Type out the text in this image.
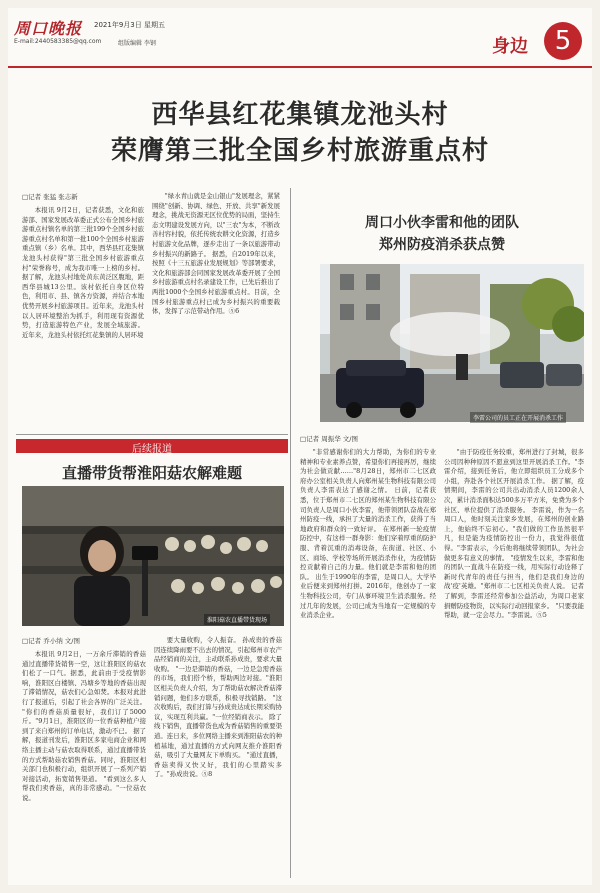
周口晚报 2021年9月3日 星期五
E-mail:2440583385@qq.com	组版编辑 李钢	身边	5
西华县红花集镇龙池头村
荣膺第三批全国乡村旅游重点村
□记者 张猛 张志新

本报讯 9月2日，记者获悉，文化和旅游部、国家发展改革委正式公布全国乡村旅游重点村镇名单的第三批199个全国乡村旅游重点村名单和第一批100个全国乡村旅游重点镇（乡）名单。其中，西华县红花集镇龙池头村获得"第三批全国乡村旅游重点村"荣誉称号，成为我市唯一上榜的乡村。 据了解，龙池头村地处黄东黄泛区腹地，距西华县城13公里。该村依托自身区位特色，利用市、县、镇各方资源，并结合本地优势开展乡村旅游项目。近年来，龙池头村以人居环境整治为抓手，利用现有资源优势，打造旅游特色产业，发展全域旅游。 近年来，龙池头村依托红花集镇的人居环境

"绿水青山就是金山银山"发展理念，紧紧围绕"创新、协调、绿色、开放、共享"新发展理念，挑战无资源无区位优势的局面，坚持生态文明建设发展方向，以"三农"为本，不断改善村容村貌，依托传统农耕文化资源，打造乡村旅游文化品牌，逐步走出了一条以旅游带动乡村振兴的新路子。 据悉，自2019年以来，按照《十三五旅游业发展规划》等部署要求，文化和旅游部会同国家发展改革委开展了全国乡村旅游重点村名录建设工作，已先后推出了两批1000个全国乡村旅游重点村。目前，全国乡村旅游重点村已成为乡村振兴的重要载体，发挥了示范带动作用。⑤6

周口小伙李雷和他的团队
郑州防疫消杀获点赞
李雷公司的员工正在开展消杀工作
□记者 周振华 文/图

"非常感谢你们的大力帮助，为你们的专业精神和专业素养点赞，希望你们再接再厉，继续为社会做贡献……"8月28日，郑州市二七区政府办公室相关负责人向郑州某生物科技有限公司负责人李雷表达了感谢之情。 日前，记者获悉，位于郑州市二七区的郑州某生物科技有限公司负责人是周口小伙李雷，他带领团队奋战在郑州防疫一线，承担了大量的消杀工作，获得了当地政府和群众的一致好评。 在郑州新一轮疫情防控中，有这样一群身影：他们穿着厚重的防护服、背着沉重的消毒设备，在街道、社区、小区、商场、学校等场所开展消杀作业，为疫情防控贡献着自己的力量。他们就是李雷和他的团队。 出生于1990年的李雷，是周口人，大学毕业后便来到郑州打拼。2016年，他创办了一家生物科技公司，专门从事环境卫生消杀服务。经过几年的发展，公司已成为当地有一定规模的专业消杀企业。

"由于防疫任务较重，郑州进行了封城，很多公司因种种原因不愿意到这里开展消杀工作。"李雷介绍，接到任务后，他立即组织员工分成多个小组，奔赴各个社区开展消杀工作。 据了解，疫情期间，李雷的公司共出动消杀人员1200余人次，累计消杀面积达500多万平方米，免费为多个社区、单位提供了消杀服务。 李雷说，作为一名周口人，他时刻关注家乡发展，在郑州的创业路上，他始终不忘初心。"我们做的工作虽然很平凡，但是能为疫情防控出一份力，我觉得很值得。"李雷表示，今后他将继续带领团队，为社会做更多有意义的事情。 "疫情发生以来，李雷和他的团队一直战斗在防疫一线，用实际行动诠释了新时代青年的责任与担当，他们是我们身边的战'疫'英雄。"郑州市二七区相关负责人说。 记者了解到，李雷还经常参加公益活动，为周口老家捐赠防疫物资，以实际行动回报家乡。 "只要我能帮助，就一定会尽力。"李雷说。⑤5

后续报道
直播带货帮淮阳菇农解难题
淮阳菇农直播带货现场
□记者 乔小纳 文/图

本报讯 9月2日，一万余斤滞销的香菇通过直播带货销售一空，这让淮阳区的菇农们松了一口气。据悉，此前由于受疫情影响，淮阳区白楼镇、冯塘乡等地的香菇出现了滞销情况，菇农们心急如焚。本报对此进行了报道后，引起了社会各界的广泛关注。 "你们的香菇质量很好，我们订了5000斤。"9月1日，淮阳区的一位香菇种植户接到了来自郑州的订单电话，激动不已。 据了解，报道刊发后，淮阳区多家电商企业和网络主播主动与菇农取得联系，通过直播带货的方式帮助菇农销售香菇。同时，淮阳区相关部门也积极行动，组织开展了一系列产销对接活动，拓宽销售渠道。 "看到这么多人帮我们卖香菇，真的非常感动。"一位菇农说。

要大量收购，令人振奋。 孙成贵的香菇因连续降雨要不出去的情况，引起郑州市农产品经销商的关注，主动联系孙成贵，要求大量收购。 "一边是滞销的香菇，一边是急需香菇的市场，我们搭个桥，帮助两边对接。"淮阳区相关负责人介绍，为了帮助菇农解决香菇滞销问题，他们多方联系，积极寻找销路。 "这次收购后，我们打算与孙成贵达成长期采购协议，实现互利共赢。"一位经销商表示。 除了线下销售，直播带货也成为香菇销售的重要渠道。连日来，多位网络主播来到淮阳菇农的种植基地，通过直播的方式向网友推介淮阳香菇，吸引了大量网友下单购买。 "通过直播，香菇卖得又快又好，我们的心里踏实多了。"孙成贵说。⑤8
